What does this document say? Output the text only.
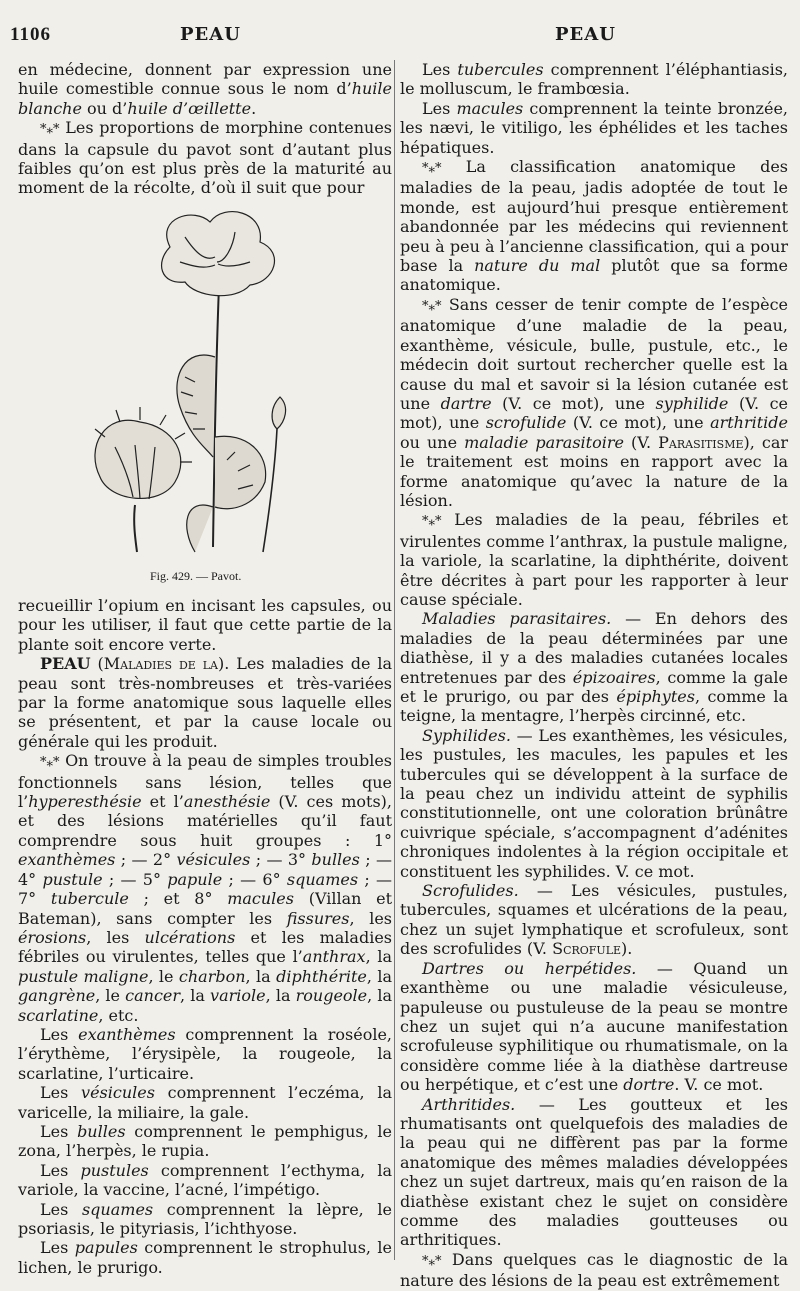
1106	PEAU	PEAU

en médecine, donnent par expression une huile comestible connue sous le nom d’huile blanche ou d’huile d’œillette.

*⁎* Les proportions de morphine contenues dans la capsule du pavot sont d’autant plus faibles qu’on est plus près de la maturité au moment de la récolte, d’où il suit que pour

Fig. 429. — Pavot.

recueillir l’opium en incisant les capsules, ou pour les utiliser, il faut que cette partie de la plante soit encore verte.

PEAU (Maladies de la). Les maladies de la peau sont très-nombreuses et très-variées par la forme anatomique sous laquelle elles se présentent, et par la cause locale ou générale qui les produit.

*⁎* On trouve à la peau de simples troubles fonctionnels sans lésion, telles que l’hyperesthésie et l’anesthésie (V. ces mots), et des lésions matérielles qu’il faut comprendre sous huit groupes : 1° exanthèmes ; — 2° vésicules ; — 3° bulles ; — 4° pustule ; — 5° papule ; — 6° squames ; — 7° tubercule ; et 8° macules (Villan et Bateman), sans compter les fissures, les érosions, les ulcérations et les maladies fébriles ou virulentes, telles que l’anthrax, la pustule maligne, le charbon, la diphthérite, la gangrène, le cancer, la variole, la rougeole, la scarlatine, etc.

Les exanthèmes comprennent la roséole, l’érythème, l’érysipèle, la rougeole, la scarlatine, l’urticaire.

Les vésicules comprennent l’eczéma, la varicelle, la miliaire, la gale.

Les bulles comprennent le pemphigus, le zona, l’herpès, le rupia.

Les pustules comprennent l’ecthyma, la variole, la vaccine, l’acné, l’impétigo.

Les squames comprennent la lèpre, le psoriasis, le pityriasis, l’ichthyose.

Les papules comprennent le strophulus, le lichen, le prurigo.

Les tubercules comprennent l’éléphantiasis, le molluscum, le frambœsia.

Les macules comprennent la teinte bronzée, les nævi, le vitiligo, les éphélides et les taches hépatiques.

*⁎* La classification anatomique des maladies de la peau, jadis adoptée de tout le monde, est aujourd’hui presque entièrement abandonnée par les médecins qui reviennent peu à peu à l’ancienne classification, qui a pour base la nature du mal plutôt que sa forme anatomique.

*⁎* Sans cesser de tenir compte de l’espèce anatomique d’une maladie de la peau, exanthème, vésicule, bulle, pustule, etc., le médecin doit surtout rechercher quelle est la cause du mal et savoir si la lésion cutanée est une dartre (V. ce mot), une syphilide (V. ce mot), une scrofulide (V. ce mot), une arthritide ou une maladie parasitoire (V. Parasitisme), car le traitement est moins en rapport avec la forme anatomique qu’avec la nature de la lésion.

*⁎* Les maladies de la peau, fébriles et virulentes comme l’anthrax, la pustule maligne, la variole, la scarlatine, la diphthérite, doivent être décrites à part pour les rapporter à leur cause spéciale.

Maladies parasitaires. — En dehors des maladies de la peau déterminées par une diathèse, il y a des maladies cutanées locales entretenues par des épizoaires, comme la gale et le prurigo, ou par des épiphytes, comme la teigne, la mentagre, l’herpès circinné, etc.

Syphilides. — Les exanthèmes, les vésicules, les pustules, les macules, les papules et les tubercules qui se développent à la surface de la peau chez un individu atteint de syphilis constitutionnelle, ont une coloration brûnâtre cuivrique spéciale, s’accompagnent d’adénites chroniques indolentes à la région occipitale et constituent les syphilides. V. ce mot.

Scrofulides. — Les vésicules, pustules, tubercules, squames et ulcérations de la peau, chez un sujet lymphatique et scrofuleux, sont des scrofulides (V. Scrofule).

Dartres ou herpétides. — Quand un exanthème ou une maladie vésiculeuse, papuleuse ou pustuleuse de la peau se montre chez un sujet qui n’a aucune manifestation scrofuleuse syphilitique ou rhumatismale, on la considère comme liée à la diathèse dartreuse ou herpétique, et c’est une dortre. V. ce mot.

Arthritides. — Les goutteux et les rhumatisants ont quelquefois des maladies de la peau qui ne diffèrent pas par la forme anatomique des mêmes maladies développées chez un sujet dartreux, mais qu’en raison de la diathèse existant chez le sujet on considère comme des maladies goutteuses ou arthritiques.

*⁎* Dans quelques cas le diagnostic de la nature des lésions de la peau est extrêmement
